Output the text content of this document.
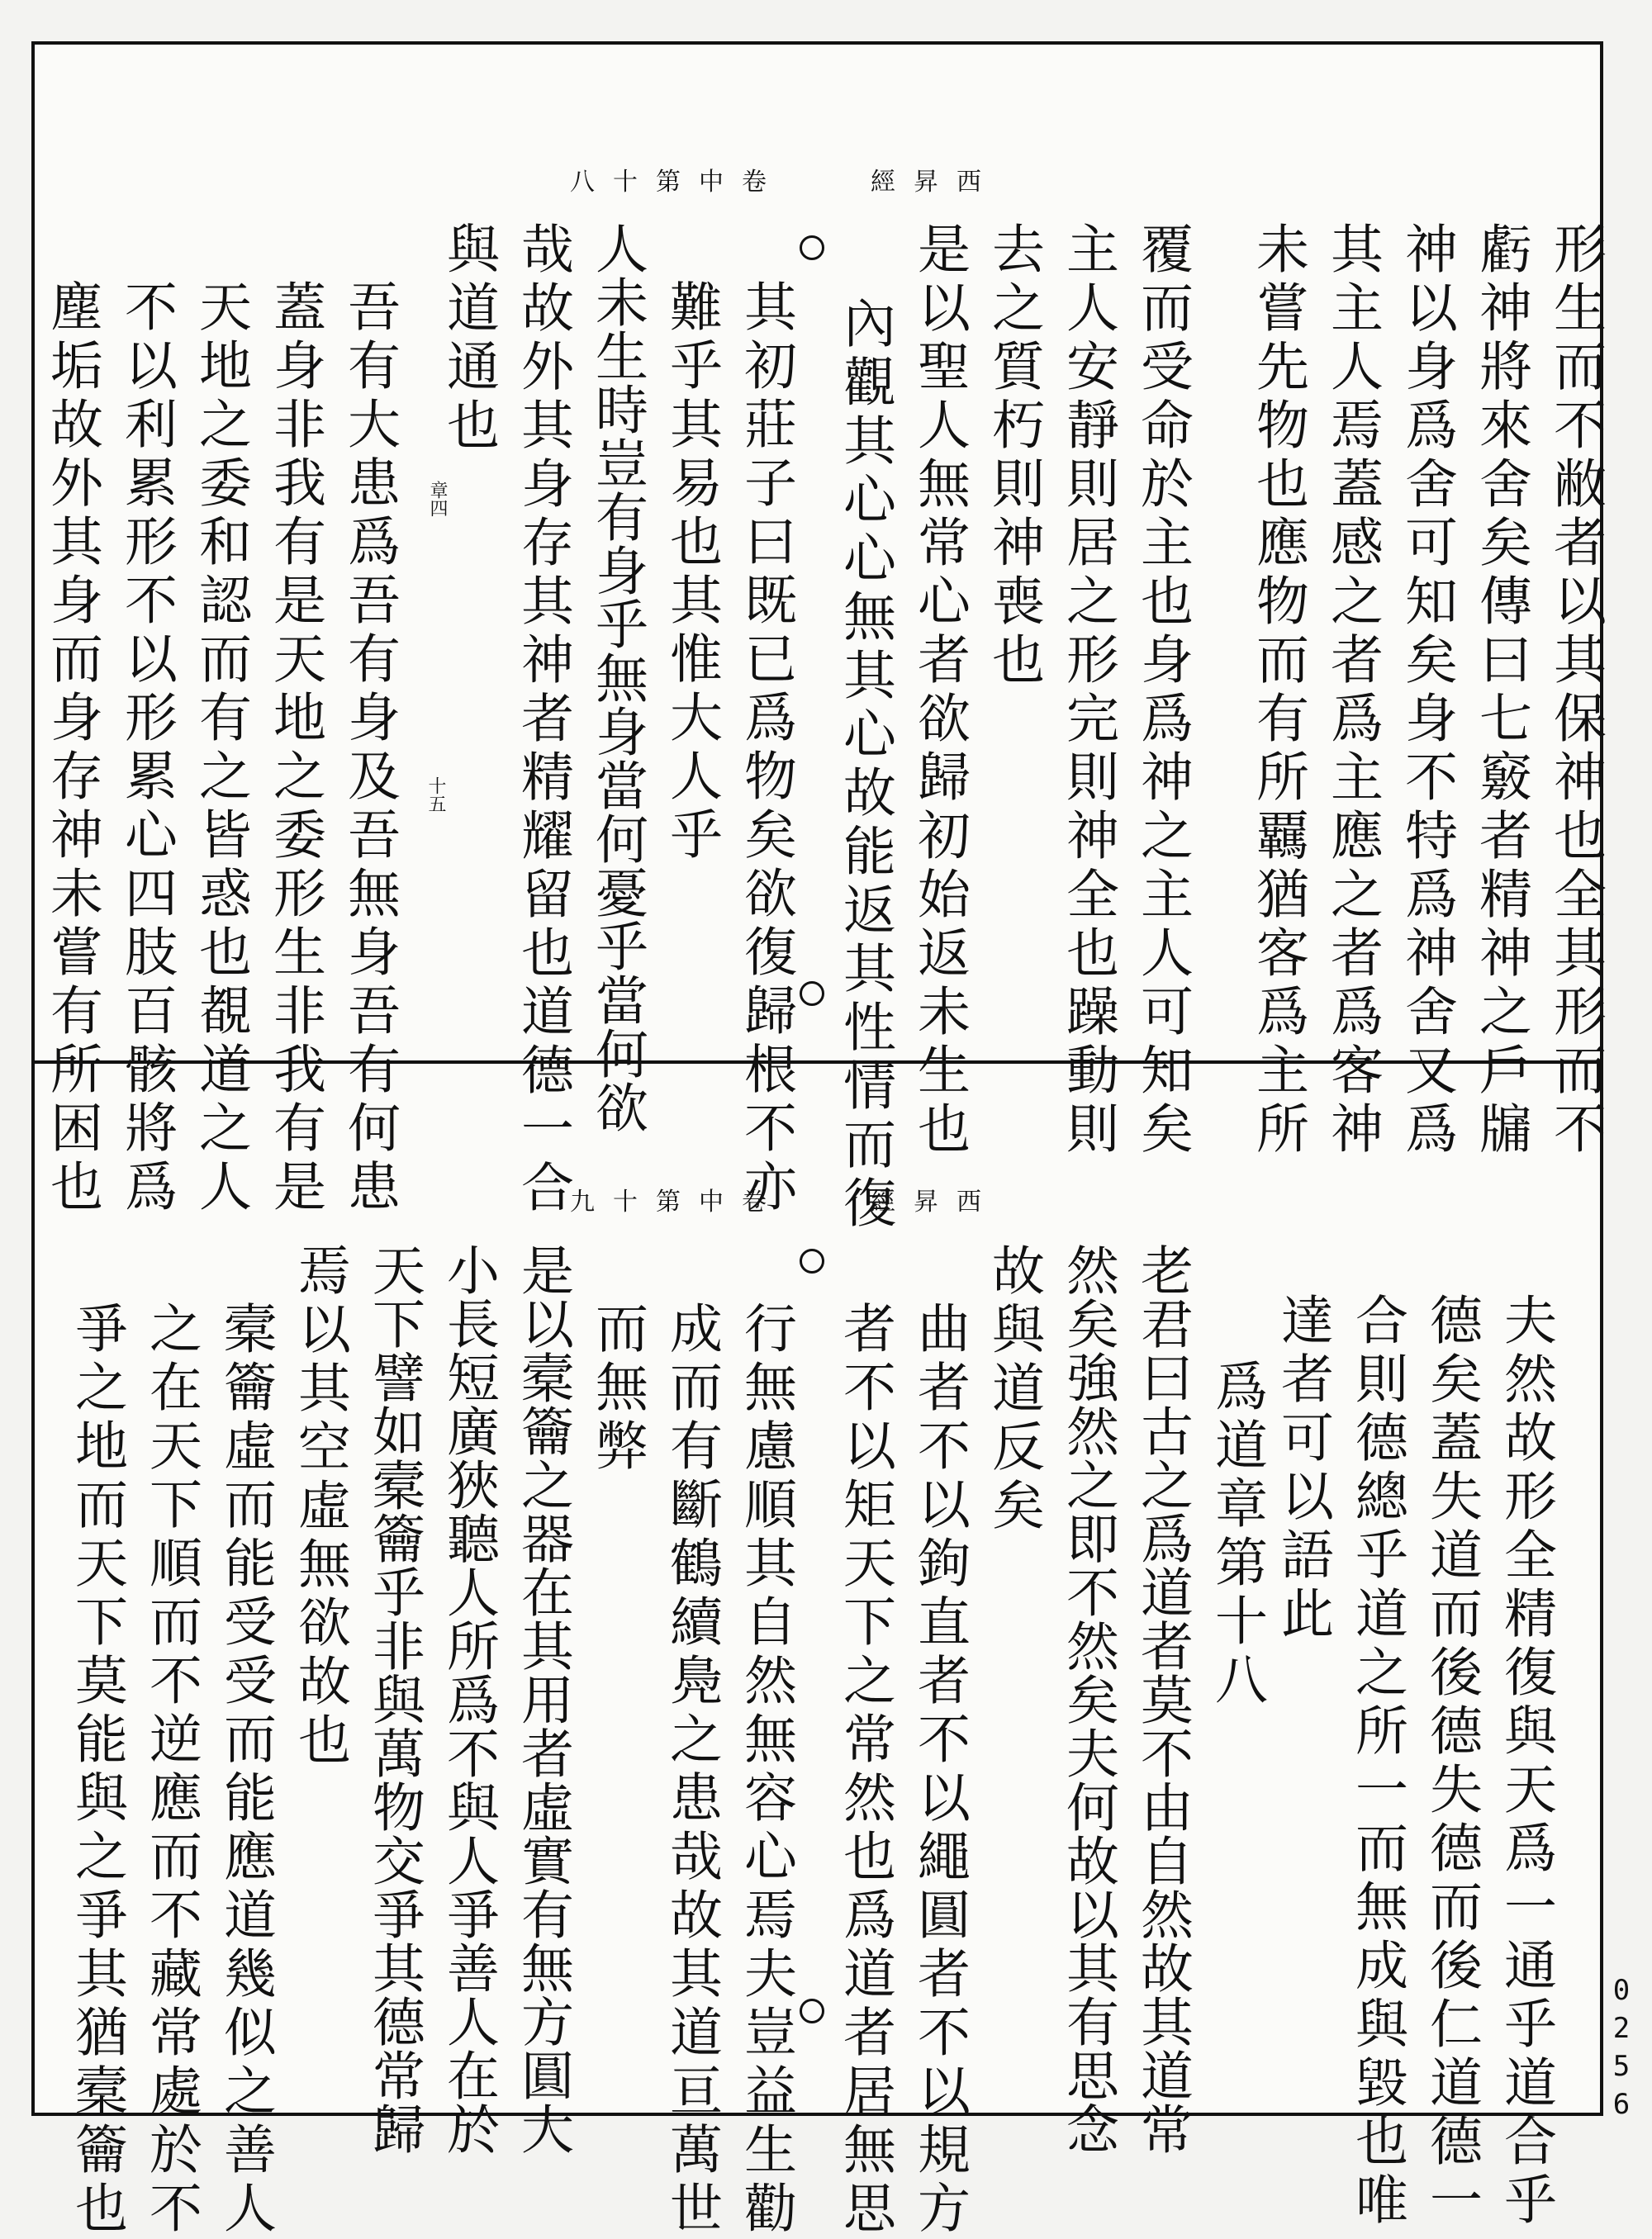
八十第中卷　　經昇西
形生而不敝者以其保神也全其形而不
虧神將來舍矣傳曰七竅者精神之戶牖
神以身爲舍可知矣身不特爲神舍又爲
其主人焉蓋感之者爲主應之者爲客神
未嘗先物也應物而有所覊猶客爲主所
覆而受命於主也身爲神之主人可知矣
主人安靜則居之形完則神全也躁動則
去之質朽則神喪也
是以聖人無常心者欲歸初始返未生也
內觀其心心無其心故能返其性情而復
其初莊子曰既已爲物矣欲復歸根不亦
難乎其易也其惟大人乎
人未生時豈有身乎無身當何憂乎當何欲
哉故外其身存其神者精耀留也道德一合
與道通也
吾有大患爲吾有身及吾無身吾有何患
蓋身非我有是天地之委形生非我有是
天地之委和認而有之皆惑也覩道之人
不以利累形不以形累心四肢百骸將爲
塵垢故外其身而身存神未嘗有所困也	章四
十五
九十第中卷　　經昇西
夫然故形全精復與天爲一通乎道合乎
德矣蓋失道而後德失德而後仁道德一
合則德總乎道之所一而無成與毀也唯
達者可以語此
爲道章第十八
老君曰古之爲道者莫不由自然故其道常
然矣強然之即不然矣夫何故以其有思念
故與道反矣
曲者不以鉤直者不以繩圓者不以規方
者不以矩天下之常然也爲道者居無思
行無慮順其自然無容心焉夫豈益生勸
成而有斷鶴續鳧之患哉故其道亘萬世
而無弊
是以槖籥之器在其用者虛實有無方圓大
小長短廣狹聽人所爲不與人爭善人在於
天下譬如槖籥乎非與萬物交爭其德常歸
焉以其空虛無欲故也
槖籥虛而能受受而能應道幾似之善人
之在天下順而不逆應而不藏常處於不
爭之地而天下莫能與之爭其猶槖籥也	0256
